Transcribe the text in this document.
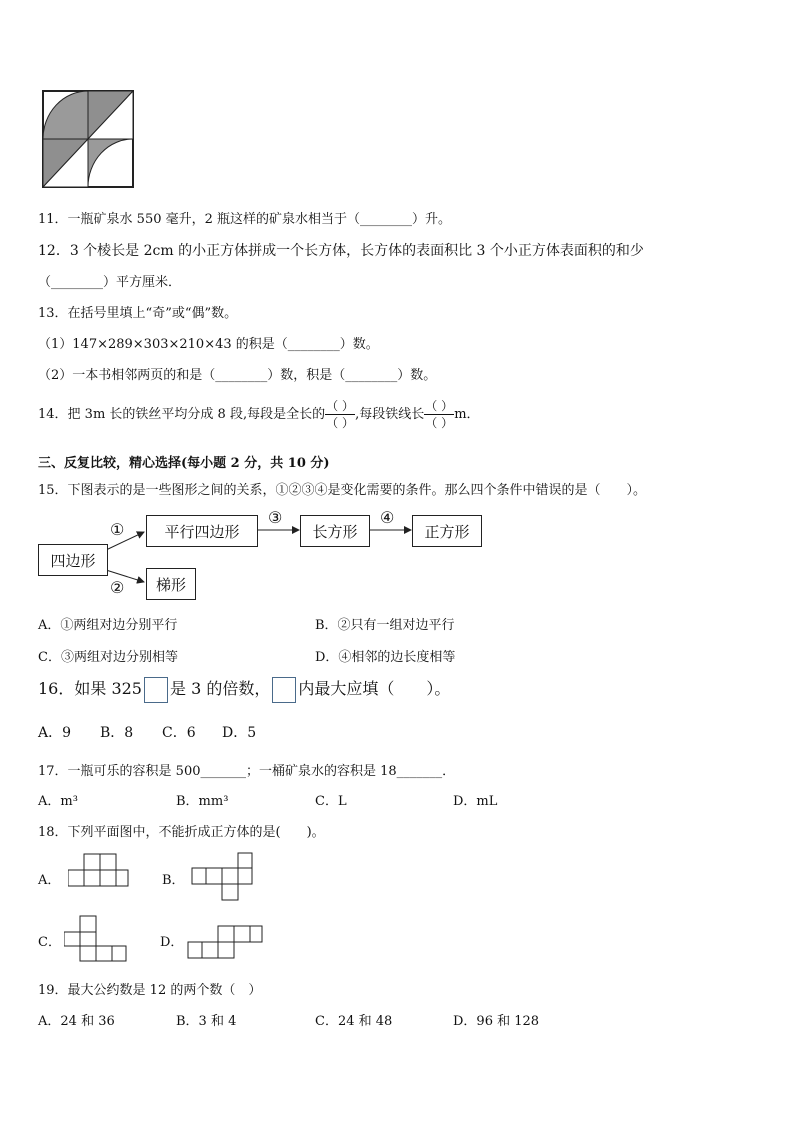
11．一瓶矿泉水 550 毫升，2 瓶这样的矿泉水相当于（________）升。
12．3 个棱长是 2cm 的小正方体拼成一个长方体，长方体的表面积比 3 个小正方体表面积的和少
（________）平方厘米．
13．在括号里填上“奇”或“偶”数。
（1）147×289×303×210×43 的积是（________）数。
（2）一本书相邻两页的和是（________）数，积是（________）数。
14．把 3m 长的铁丝平均分成 8 段,每段是全长的 $\frac{( )}{( )}$ ,每段铁线长 $\frac{( )}{( )}$ m．
三、反复比较，精心选择(每小题 2 分，共 10 分)
15．下图表示的是一些图形之间的关系，①②③④是变化需要的条件。那么四个条件中错误的是（　　）。
四边形
平行四边形	长方形	正方形
梯形
①
②
③	④
A．①两组对边分别平行	B．②只有一组对边平行
C．③两组对边分别相等	D．④相邻的边长度相等
16．如果 325 是 3 的倍数， 内最大应填（　　）。
A．9 B．8 C．6 D．5
17．一瓶可乐的容积是 500_______；一桶矿泉水的容积是 18_______．
A．m³	B．mm³	C．L	D．mL
18．下列平面图中，不能折成正方体的是(　　)。
A．	B．
C．	D．
19．最大公约数是 12 的两个数（　）
A．24 和 36	B．3 和 4	C．24 和 48	D．96 和 128
